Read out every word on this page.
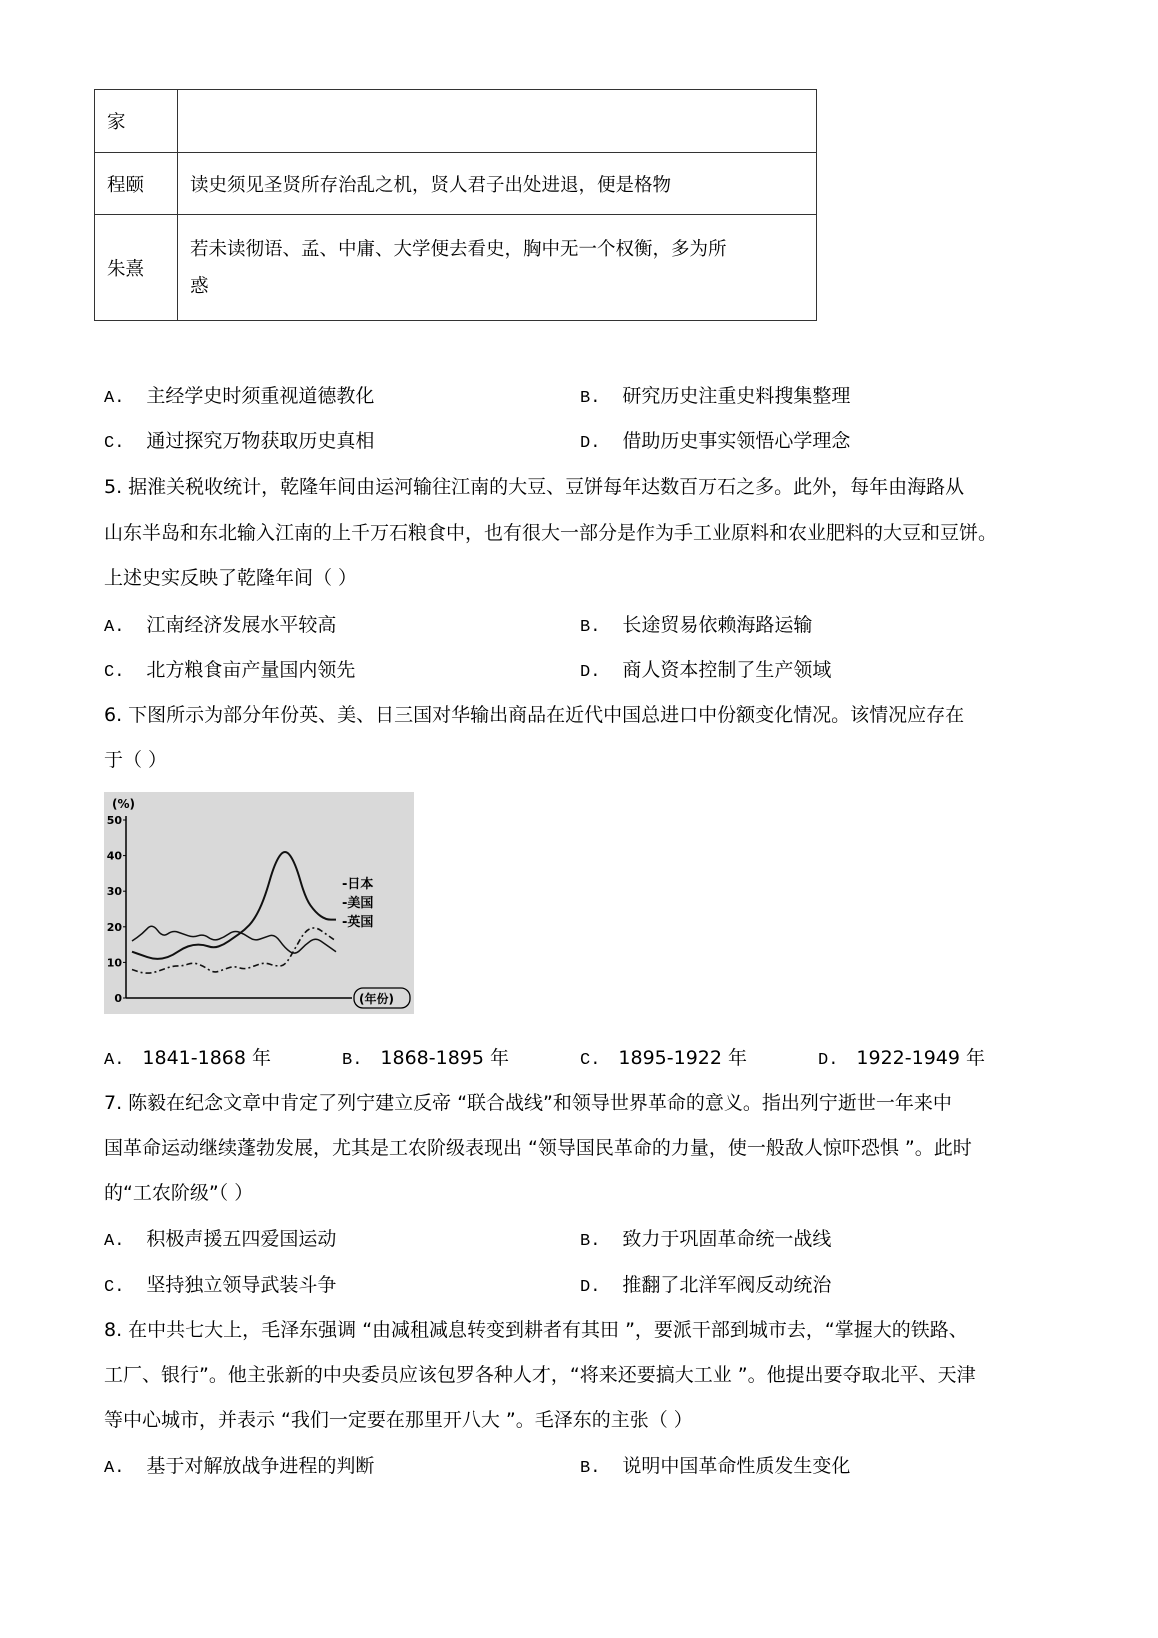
家	
程颐	读史须见圣贤所存治乱之机，贤人君子出处进退，便是格物
朱熹	若未读彻语、孟、中庸、大学便去看史，胸中无一个权衡，多为所
惑
A. 主经学史时须重视道德教化	B. 研究历史注重史料搜集整理
C. 通过探究万物获取历史真相	D. 借助历史事实领悟心学理念
5. 据淮关税收统计，乾隆年间由运河输往江南的大豆、豆饼每年达数百万石之多。此外，每年由海路从
山东半岛和东北输入江南的上千万石粮食中，也有很大一部分是作为手工业原料和农业肥料的大豆和豆饼。
上述史实反映了乾隆年间（ ）
A. 江南经济发展水平较高	B. 长途贸易依赖海路运输
C. 北方粮食亩产量国内领先	D. 商人资本控制了生产领域
6. 下图所示为部分年份英、美、日三国对华输出商品在近代中国总进口中份额变化情况。该情况应存在
于（ ）
(%)
0
10
20
30
40
50
-日本
-美国
-英国
(年份)
A. 1841-1868 年	B. 1868-1895 年	C. 1895-1922 年	D. 1922-1949 年
7. 陈毅在纪念文章中肯定了列宁建立反帝 “联合战线”和领导世界革命的意义。指出列宁逝世一年来中
国革命运动继续蓬勃发展，尤其是工农阶级表现出 “领导国民革命的力量，使一般敌人惊吓恐惧 ”。此时
的“工农阶级”（ ）
A. 积极声援五四爱国运动	B. 致力于巩固革命统一战线
C. 坚持独立领导武装斗争	D. 推翻了北洋军阀反动统治
8. 在中共七大上，毛泽东强调 “由减租减息转变到耕者有其田 ”，要派干部到城市去，“掌握大的铁路、
工厂、银行”。他主张新的中央委员应该包罗各种人才，“将来还要搞大工业 ”。他提出要夺取北平、天津
等中心城市，并表示 “我们一定要在那里开八大 ”。毛泽东的主张（ ）
A. 基于对解放战争进程的判断	B. 说明中国革命性质发生变化
